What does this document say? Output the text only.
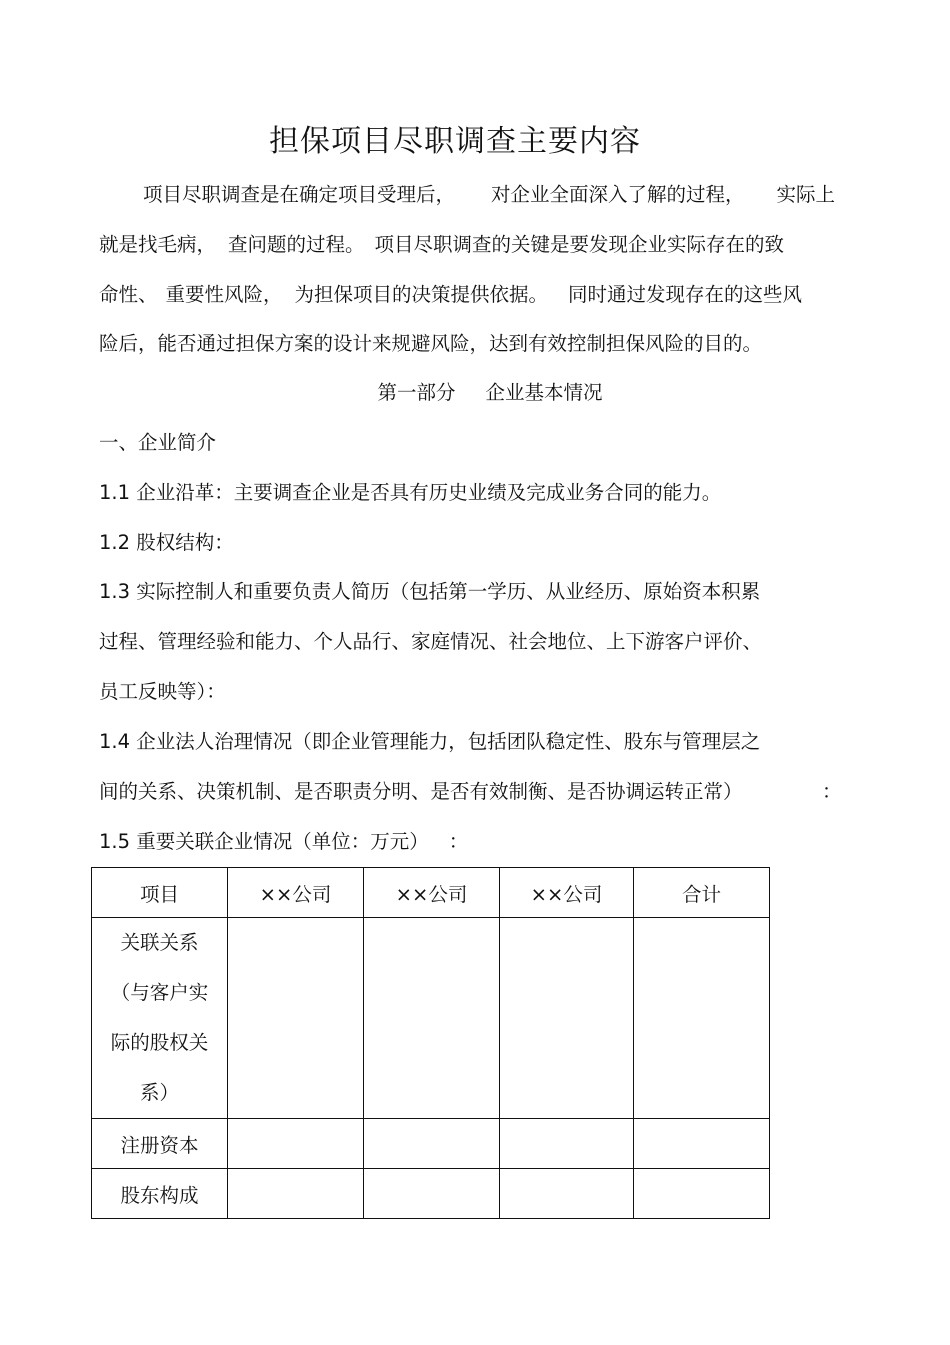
担保项目尽职调查主要内容
项目尽职调查是在确定项目受理后， 对企业全面深入了解的过程， 实际上
就是找毛病， 查问题的过程。 项目尽职调查的关键是要发现企业实际存在的致
命性、 重要性风险， 为担保项目的决策提供依据。 同时通过发现存在的这些风
险后，能否通过担保方案的设计来规避风险，达到有效控制担保风险的目的。
第一部分 企业基本情况
一、企业简介
1.1 企业沿革：主要调查企业是否具有历史业绩及完成业务合同的能力。
1.2 股权结构：
1.3 实际控制人和重要负责人简历（包括第一学历、从业经历、原始资本积累
过程、管理经验和能力、个人品行、家庭情况、社会地位、上下游客户评价、
员工反映等）：
1.4 企业法人治理情况（即企业管理能力，包括团队稳定性、股东与管理层之
间的关系、决策机制、是否职责分明、是否有效制衡、是否协调运转正常）	：
1.5 重要关联企业情况（单位：万元） ：
项目	××公司	××公司	××公司	合计

关联关系
（与客户实
际的股权关
系）				

注册资本				
股东构成				
